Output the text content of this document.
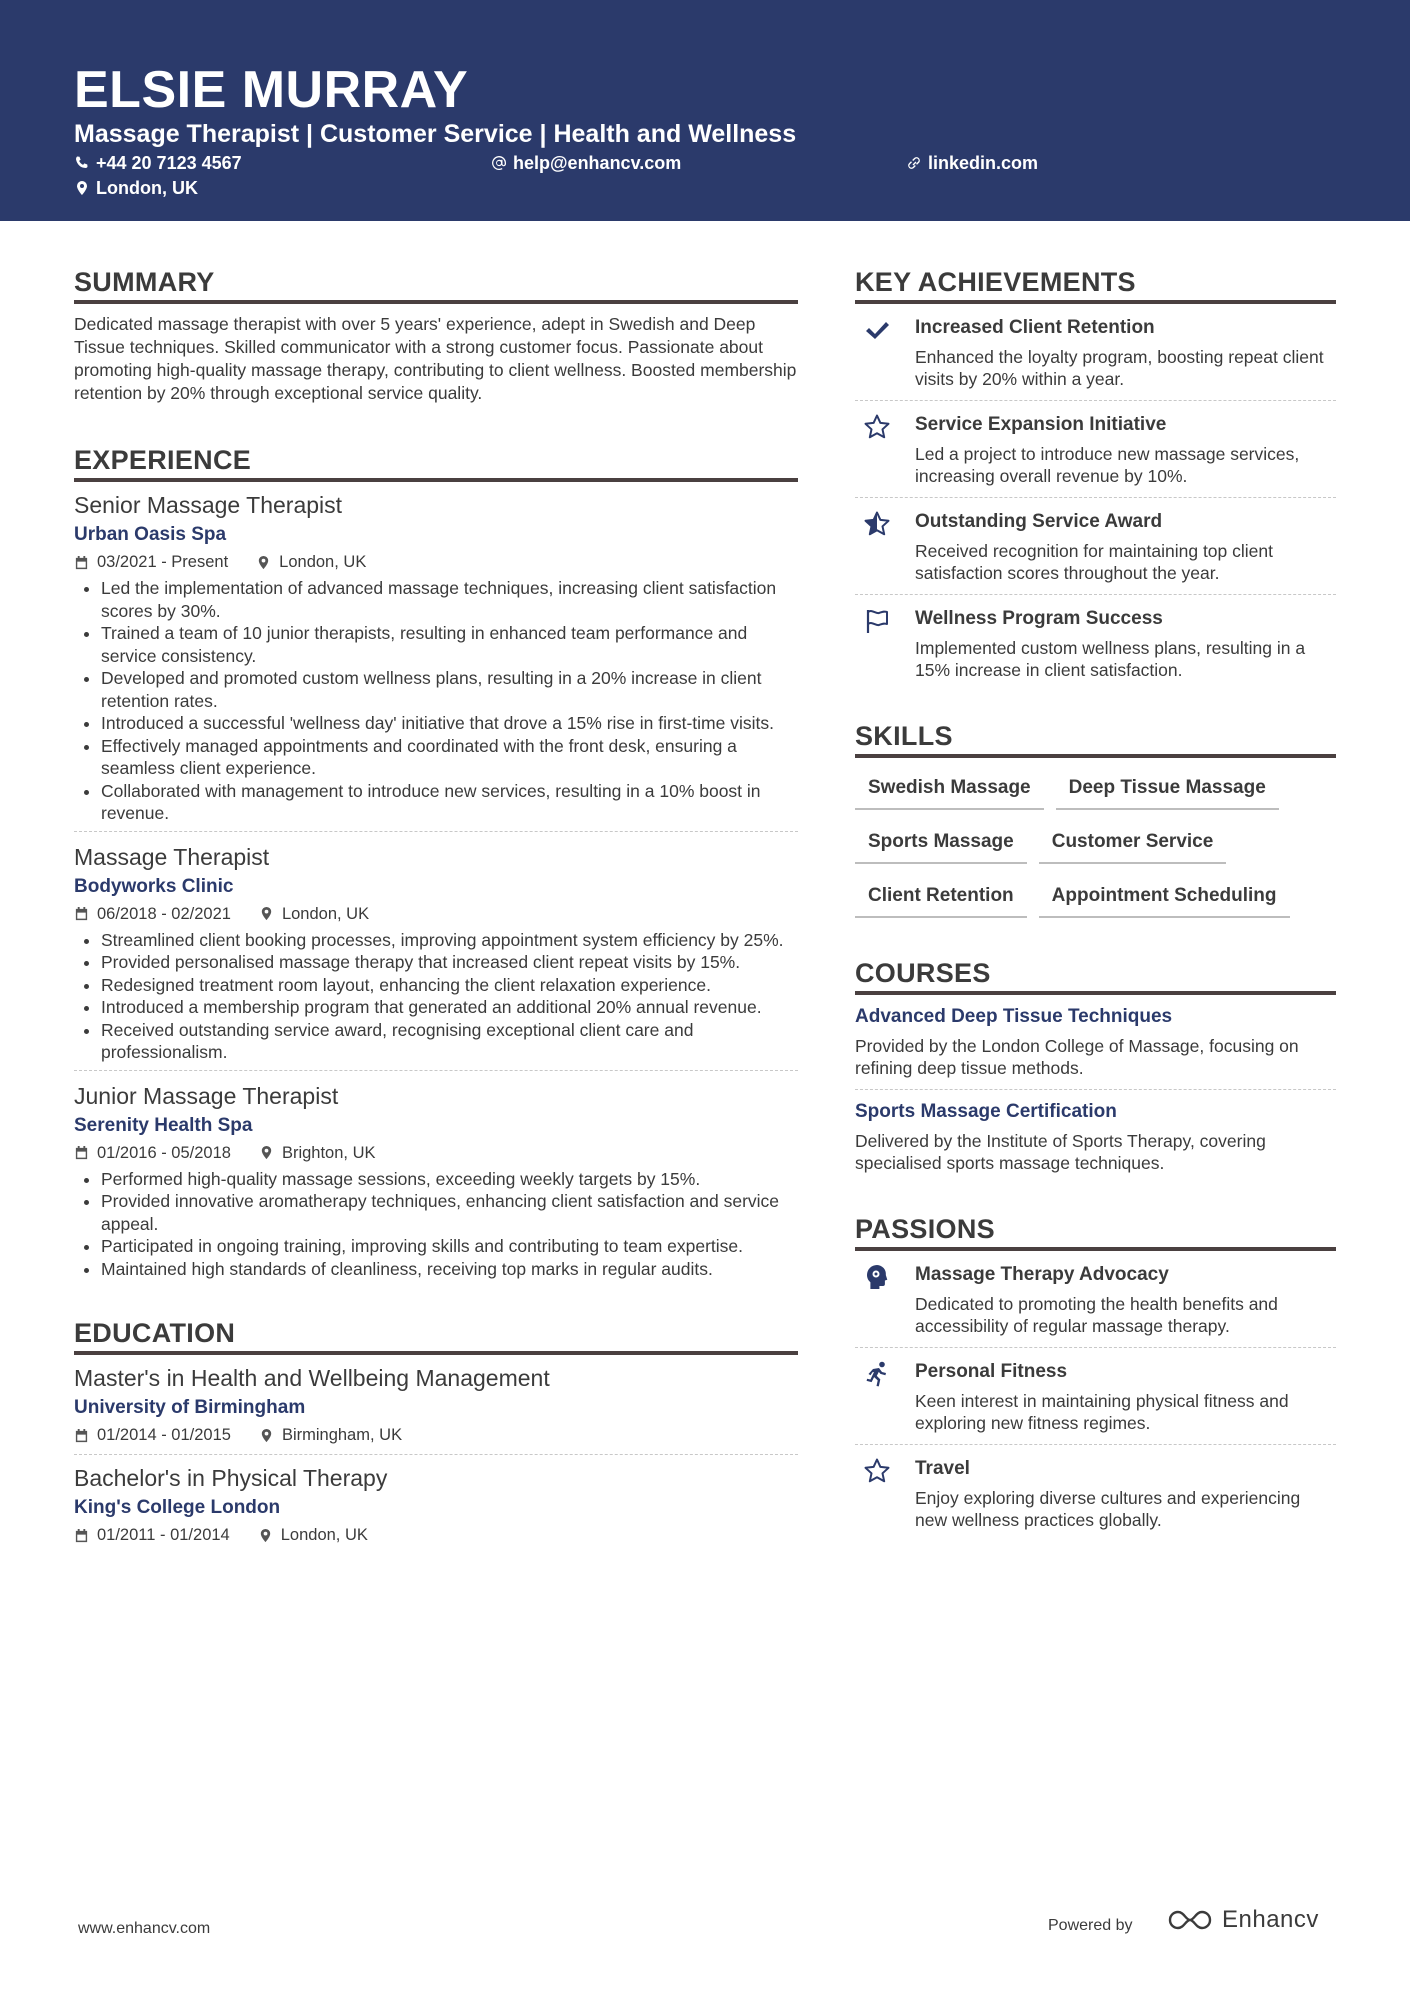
ELSIE MURRAY
Massage Therapist | Customer Service | Health and Wellness
+44 20 7123 4567	help@enhancv.com	linkedin.com
London, UK
SUMMARY
Dedicated massage therapist with over 5 years' experience, adept in Swedish and Deep Tissue techniques. Skilled communicator with a strong customer focus. Passionate about promoting high-quality massage therapy, contributing to client wellness. Boosted membership retention by 20% through exceptional service quality.
EXPERIENCE
Senior Massage Therapist
Urban Oasis Spa
03/2021 - Present	London, UK
• Led the implementation of advanced massage techniques, increasing client satisfaction scores by 30%.
• Trained a team of 10 junior therapists, resulting in enhanced team performance and service consistency.
• Developed and promoted custom wellness plans, resulting in a 20% increase in client retention rates.
• Introduced a successful 'wellness day' initiative that drove a 15% rise in first-time visits.
• Effectively managed appointments and coordinated with the front desk, ensuring a seamless client experience.
• Collaborated with management to introduce new services, resulting in a 10% boost in revenue.
Massage Therapist
Bodyworks Clinic
06/2018 - 02/2021	London, UK
• Streamlined client booking processes, improving appointment system efficiency by 25%.
• Provided personalised massage therapy that increased client repeat visits by 15%.
• Redesigned treatment room layout, enhancing the client relaxation experience.
• Introduced a membership program that generated an additional 20% annual revenue.
• Received outstanding service award, recognising exceptional client care and professionalism.
Junior Massage Therapist
Serenity Health Spa
01/2016 - 05/2018	Brighton, UK
• Performed high-quality massage sessions, exceeding weekly targets by 15%.
• Provided innovative aromatherapy techniques, enhancing client satisfaction and service appeal.
• Participated in ongoing training, improving skills and contributing to team expertise.
• Maintained high standards of cleanliness, receiving top marks in regular audits.
EDUCATION
Master's in Health and Wellbeing Management
University of Birmingham
01/2014 - 01/2015	Birmingham, UK
Bachelor's in Physical Therapy
King's College London
01/2011 - 01/2014	London, UK
KEY ACHIEVEMENTS
Increased Client Retention
Enhanced the loyalty program, boosting repeat client visits by 20% within a year.
Service Expansion Initiative
Led a project to introduce new massage services, increasing overall revenue by 10%.
Outstanding Service Award
Received recognition for maintaining top client satisfaction scores throughout the year.
Wellness Program Success
Implemented custom wellness plans, resulting in a 15% increase in client satisfaction.
SKILLS
Swedish Massage	Deep Tissue Massage
Sports Massage	Customer Service
Client Retention	Appointment Scheduling
COURSES
Advanced Deep Tissue Techniques
Provided by the London College of Massage, focusing on refining deep tissue methods.
Sports Massage Certification
Delivered by the Institute of Sports Therapy, covering specialised sports massage techniques.
PASSIONS
Massage Therapy Advocacy
Dedicated to promoting the health benefits and accessibility of regular massage therapy.
Personal Fitness
Keen interest in maintaining physical fitness and exploring new fitness regimes.
Travel
Enjoy exploring diverse cultures and experiencing new wellness practices globally.
www.enhancv.com	Powered by	Enhancv
